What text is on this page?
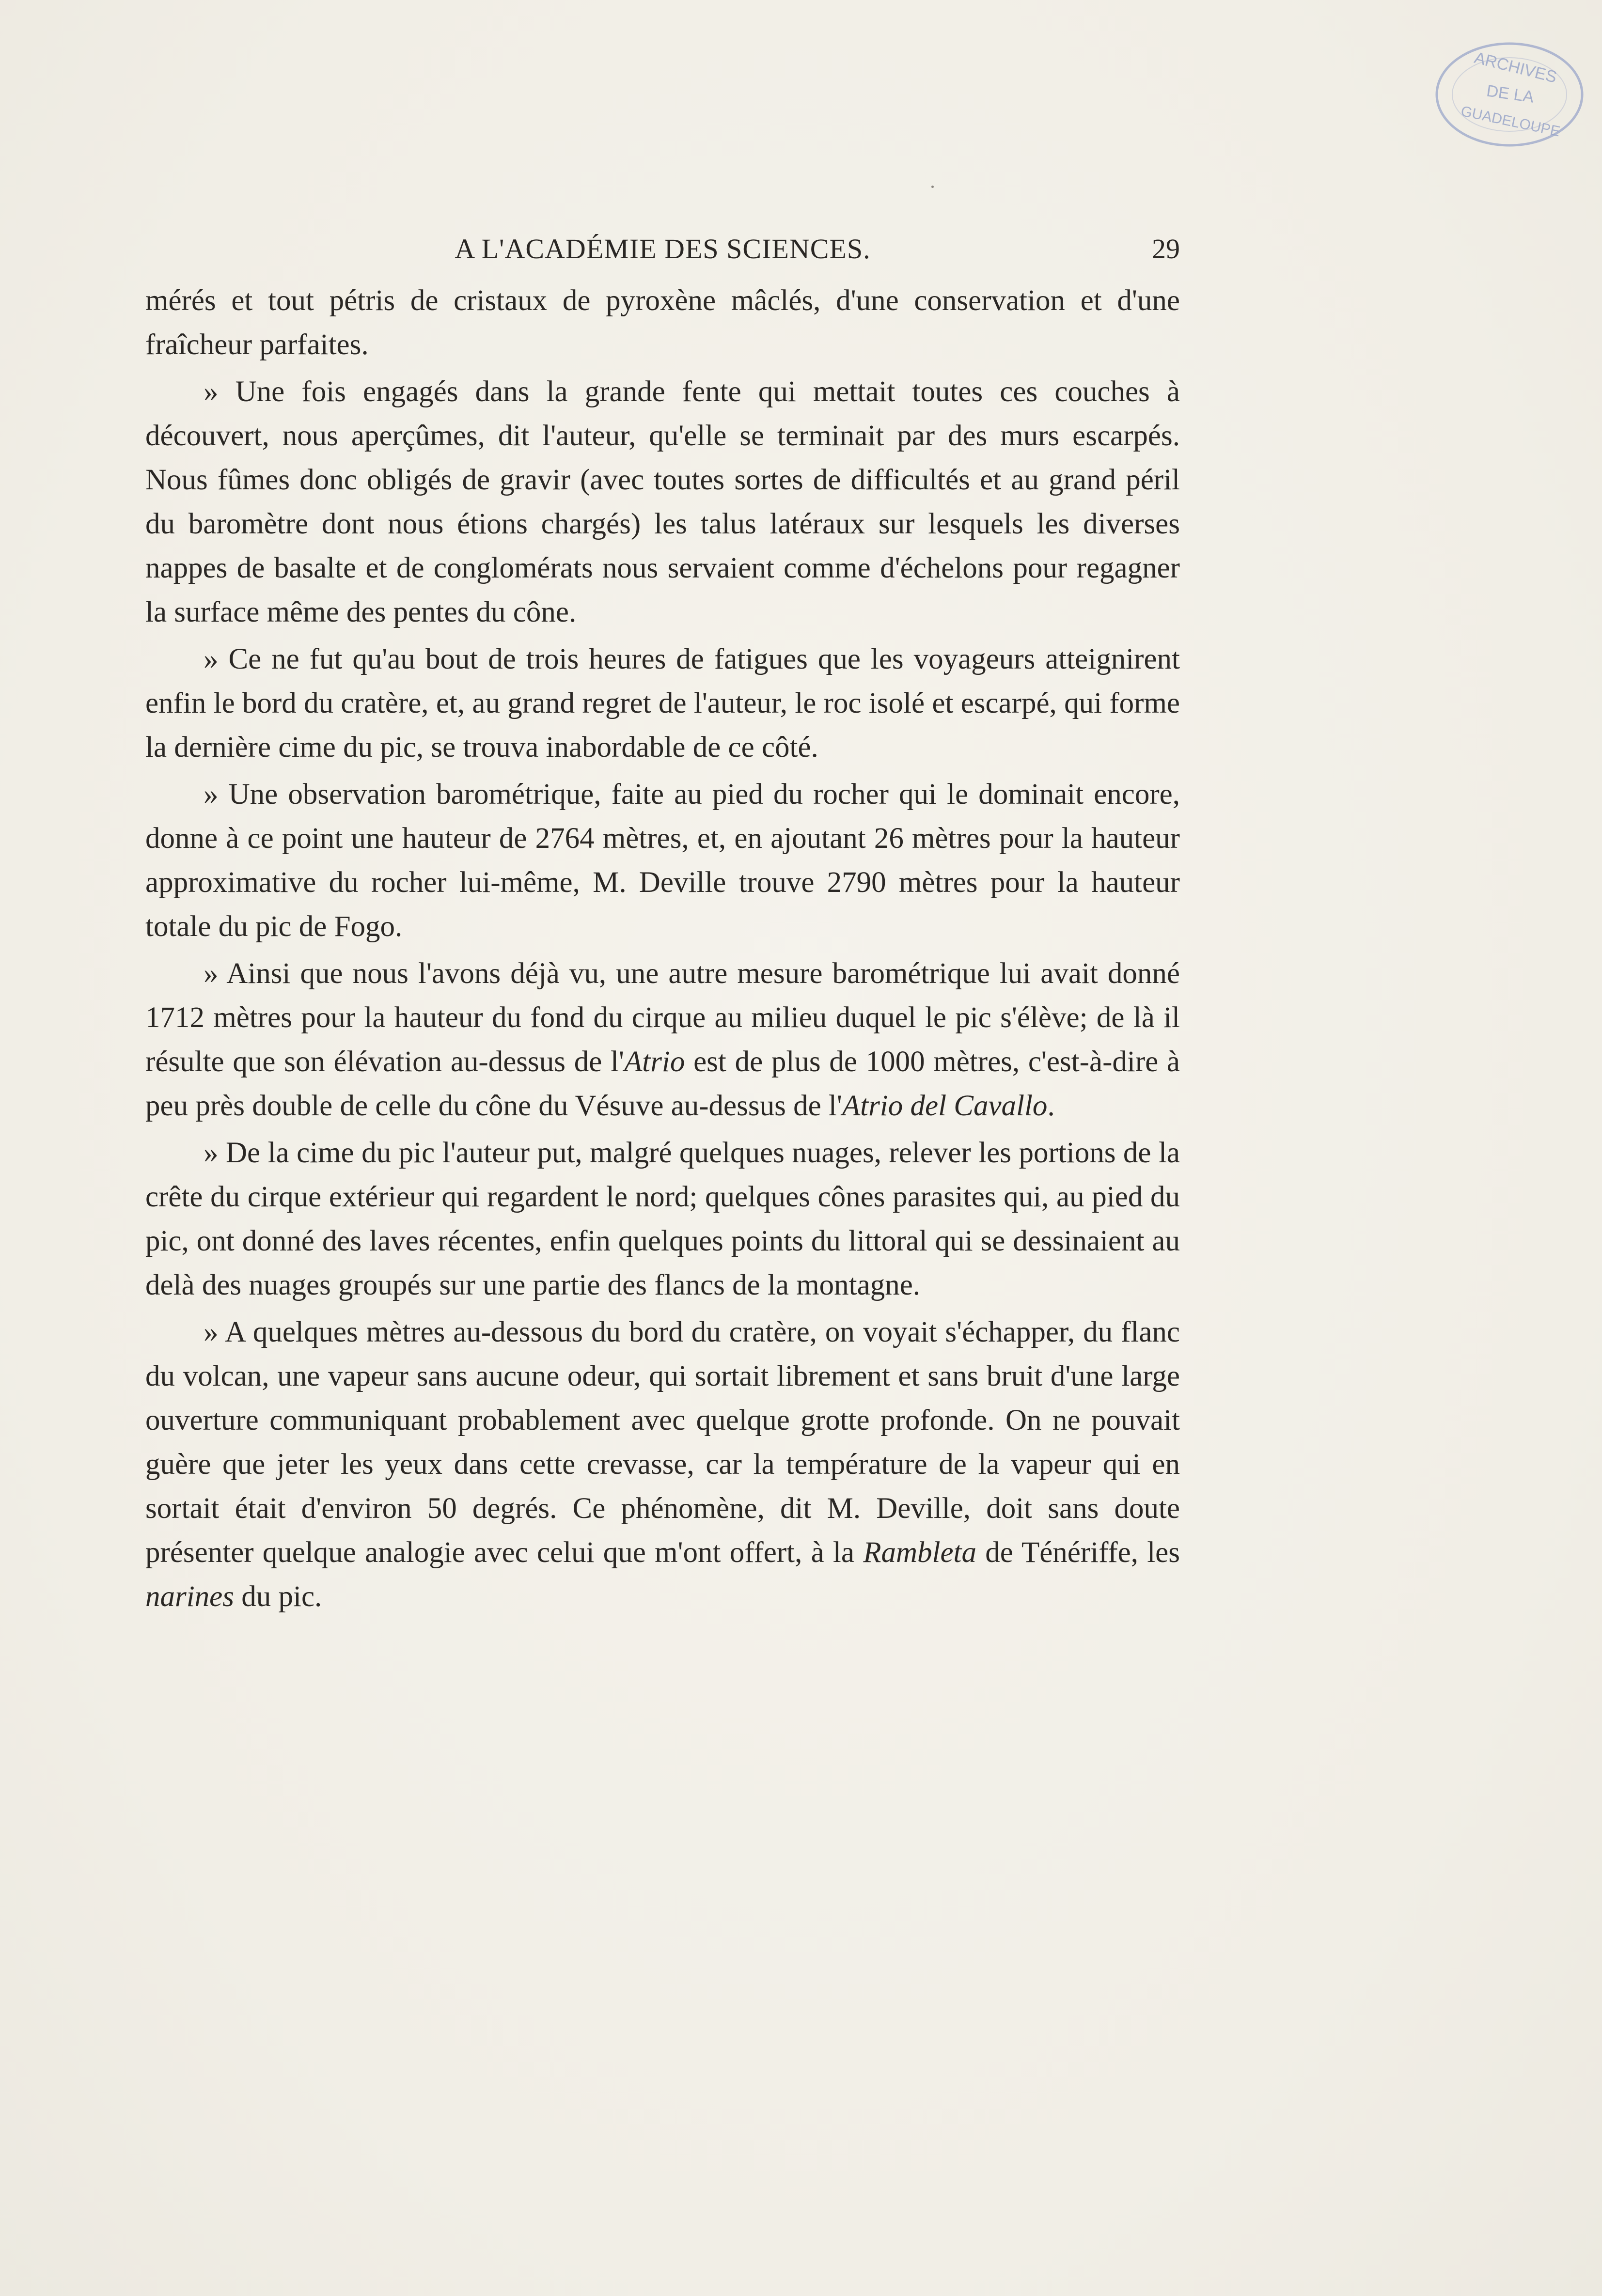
ARCHIVES
DE LA
GUADELOUPE
A L'ACADÉMIE DES SCIENCES.	29

mérés et tout pétris de cristaux de pyroxène mâclés, d'une conservation et d'une fraîcheur parfaites.

» Une fois engagés dans la grande fente qui mettait toutes ces couches à découvert, nous aperçûmes, dit l'auteur, qu'elle se terminait par des murs escarpés. Nous fûmes donc obligés de gravir (avec toutes sortes de difficultés et au grand péril du baromètre dont nous étions chargés) les talus latéraux sur lesquels les diverses nappes de basalte et de conglomérats nous servaient comme d'échelons pour regagner la surface même des pentes du cône.

» Ce ne fut qu'au bout de trois heures de fatigues que les voyageurs atteignirent enfin le bord du cratère, et, au grand regret de l'auteur, le roc isolé et escarpé, qui forme la dernière cime du pic, se trouva inabordable de ce côté.

» Une observation barométrique, faite au pied du rocher qui le dominait encore, donne à ce point une hauteur de 2764 mètres, et, en ajoutant 26 mètres pour la hauteur approximative du rocher lui-même, M. Deville trouve 2790 mètres pour la hauteur totale du pic de Fogo.

» Ainsi que nous l'avons déjà vu, une autre mesure barométrique lui avait donné 1712 mètres pour la hauteur du fond du cirque au milieu duquel le pic s'élève; de là il résulte que son élévation au-dessus de l'Atrio est de plus de 1000 mètres, c'est-à-dire à peu près double de celle du cône du Vésuve au-dessus de l'Atrio del Cavallo.

» De la cime du pic l'auteur put, malgré quelques nuages, relever les portions de la crête du cirque extérieur qui regardent le nord; quelques cônes parasites qui, au pied du pic, ont donné des laves récentes, enfin quelques points du littoral qui se dessinaient au delà des nuages groupés sur une partie des flancs de la montagne.

» A quelques mètres au-dessous du bord du cratère, on voyait s'échapper, du flanc du volcan, une vapeur sans aucune odeur, qui sortait librement et sans bruit d'une large ouverture communiquant probablement avec quelque grotte profonde. On ne pouvait guère que jeter les yeux dans cette crevasse, car la température de la vapeur qui en sortait était d'environ 50 degrés. Ce phénomène, dit M. Deville, doit sans doute présenter quelque analogie avec celui que m'ont offert, à la Rambleta de Ténériffe, les narines du pic.
